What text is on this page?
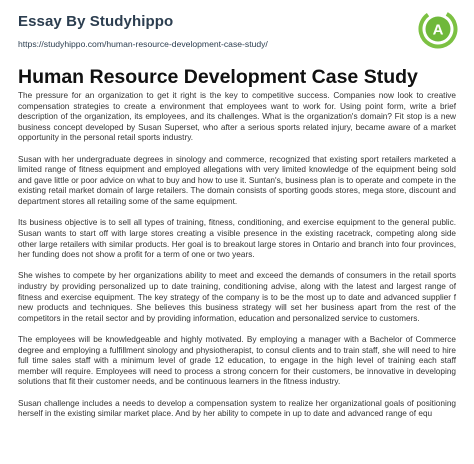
Essay By Studyhippo
https://studyhippo.com/human-resource-development-case-study/
A
Human Resource Development Case Study

The pressure for an organization to get it right is the key to competitive success. Companies now look to creative compensation strategies to create a environment that employees want to work for. Using point form, write a brief description of the organization, its employees, and its challenges. What is the organization's domain? Fit stop is a new business concept developed by Susan Superset, who after a serious sports related injury, became aware of a market opportunity in the personal retail sports industry.

Susan with her undergraduate degrees in sinology and commerce, recognized that existing sport retailers marketed a limited range of fitness equipment and employed allegations with very limited knowledge of the equipment being sold and gave little or poor advice on what to buy and how to use it. Suntan's, business plan is to operate and compete in the existing retail market domain of large retailers. The domain consists of sporting goods stores, mega store, discount and department stores all retailing some of the same equipment.

Its business objective is to sell all types of training, fitness, conditioning, and exercise equipment to the general public. Susan wants to start off with large stores creating a visible presence in the existing racetrack, competing along side other large retailers with similar products. Her goal is to breakout large stores in Ontario and branch into four provinces, her funding does not show a profit for a term of one or two years.

She wishes to compete by her organizations ability to meet and exceed the demands of consumers in the retail sports industry by providing personalized up to date training, conditioning advise, along with the latest and largest range of fitness and exercise equipment. The key strategy of the company is to be the most up to date and advanced supplier f new products and techniques. She believes this business strategy will set her business apart from the rest of the competitors in the retail sector and by providing information, education and personalized service to customers.

The employees will be knowledgeable and highly motivated. By employing a manager with a Bachelor of Commerce degree and employing a fulfillment sinology and physiotherapist, to consul clients and to train staff, she will need to hire full time sales staff with a minimum level of grade 12 education, to engage in the high level of training each staff member will require. Employees will need to process a strong concern for their customers, be innovative in developing solutions that fit their customer needs, and be continuous learners in the fitness industry.

Susan challenge includes a needs to develop a compensation system to realize her organizational goals of positioning herself in the existing similar market place. And by her ability to compete in up to date and advanced range of equ
